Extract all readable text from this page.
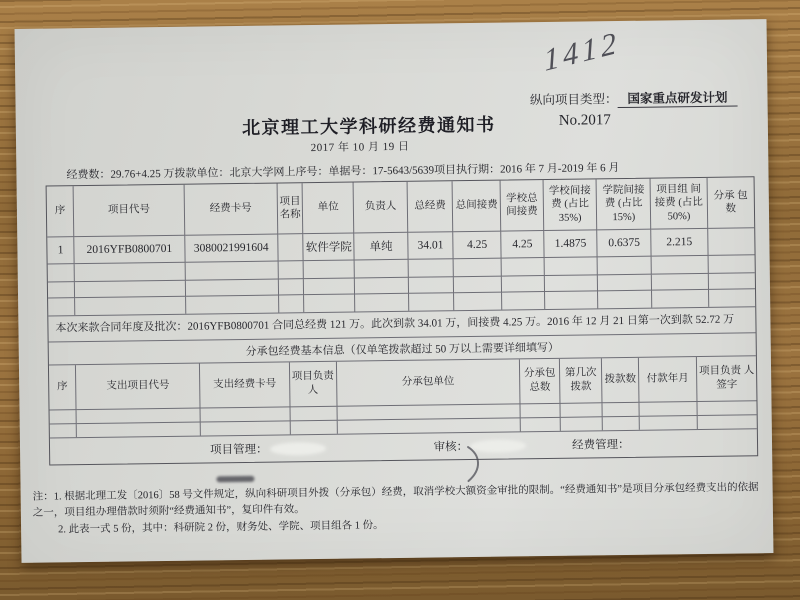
1412
纵向项目类型： 国家重点研发计划
北京理工大学科研经费通知书	No.2017
2017 年 10 月 19 日
经费数：29.76+4.25 万拨款单位：北京大学网上序号：单据号：17-5643/5639项目执行期：2016 年 7 月-2019 年 6 月
序	项目代号	经费卡号	项目 名称	单位	负责人	总经费	总间接费	学校总 间接费	学校间接费 (占比 35%)	学院间接费 (占比 15%)	项目组 间接费 (占比 50%)	分承 包数
1	2016YFB0800701	3080021991604		软件学院	单纯	34.01	4.25	4.25	1.4875	0.6375	2.215	

本次来款合同年度及批次：2016YFB0800701 合同总经费 121 万。此次到款 34.01 万，间接费 4.25 万。2016 年 12 月 21 日第一次到款 52.72 万
分承包经费基本信息（仅单笔拨款超过 50 万以上需要详细填写）
序	支出项目代号	支出经费卡号	项目负责 人	分承包单位	分承包 总数	第几次 拨款	拨款数	付款年月	项目负责 人签字

项目管理：	审核：	经费管理：
注：1. 根据北理工发〔2016〕58 号文件规定，纵向科研项目外拨（分承包）经费，取消学校大额资金审批的限制。“经费通知书”是项目分承包经费支出的依据之一，项目组办理借款时须附“经费通知书”，复印件有效。
2. 此表一式 5 份，其中：科研院 2 份，财务处、学院、项目组各 1 份。
